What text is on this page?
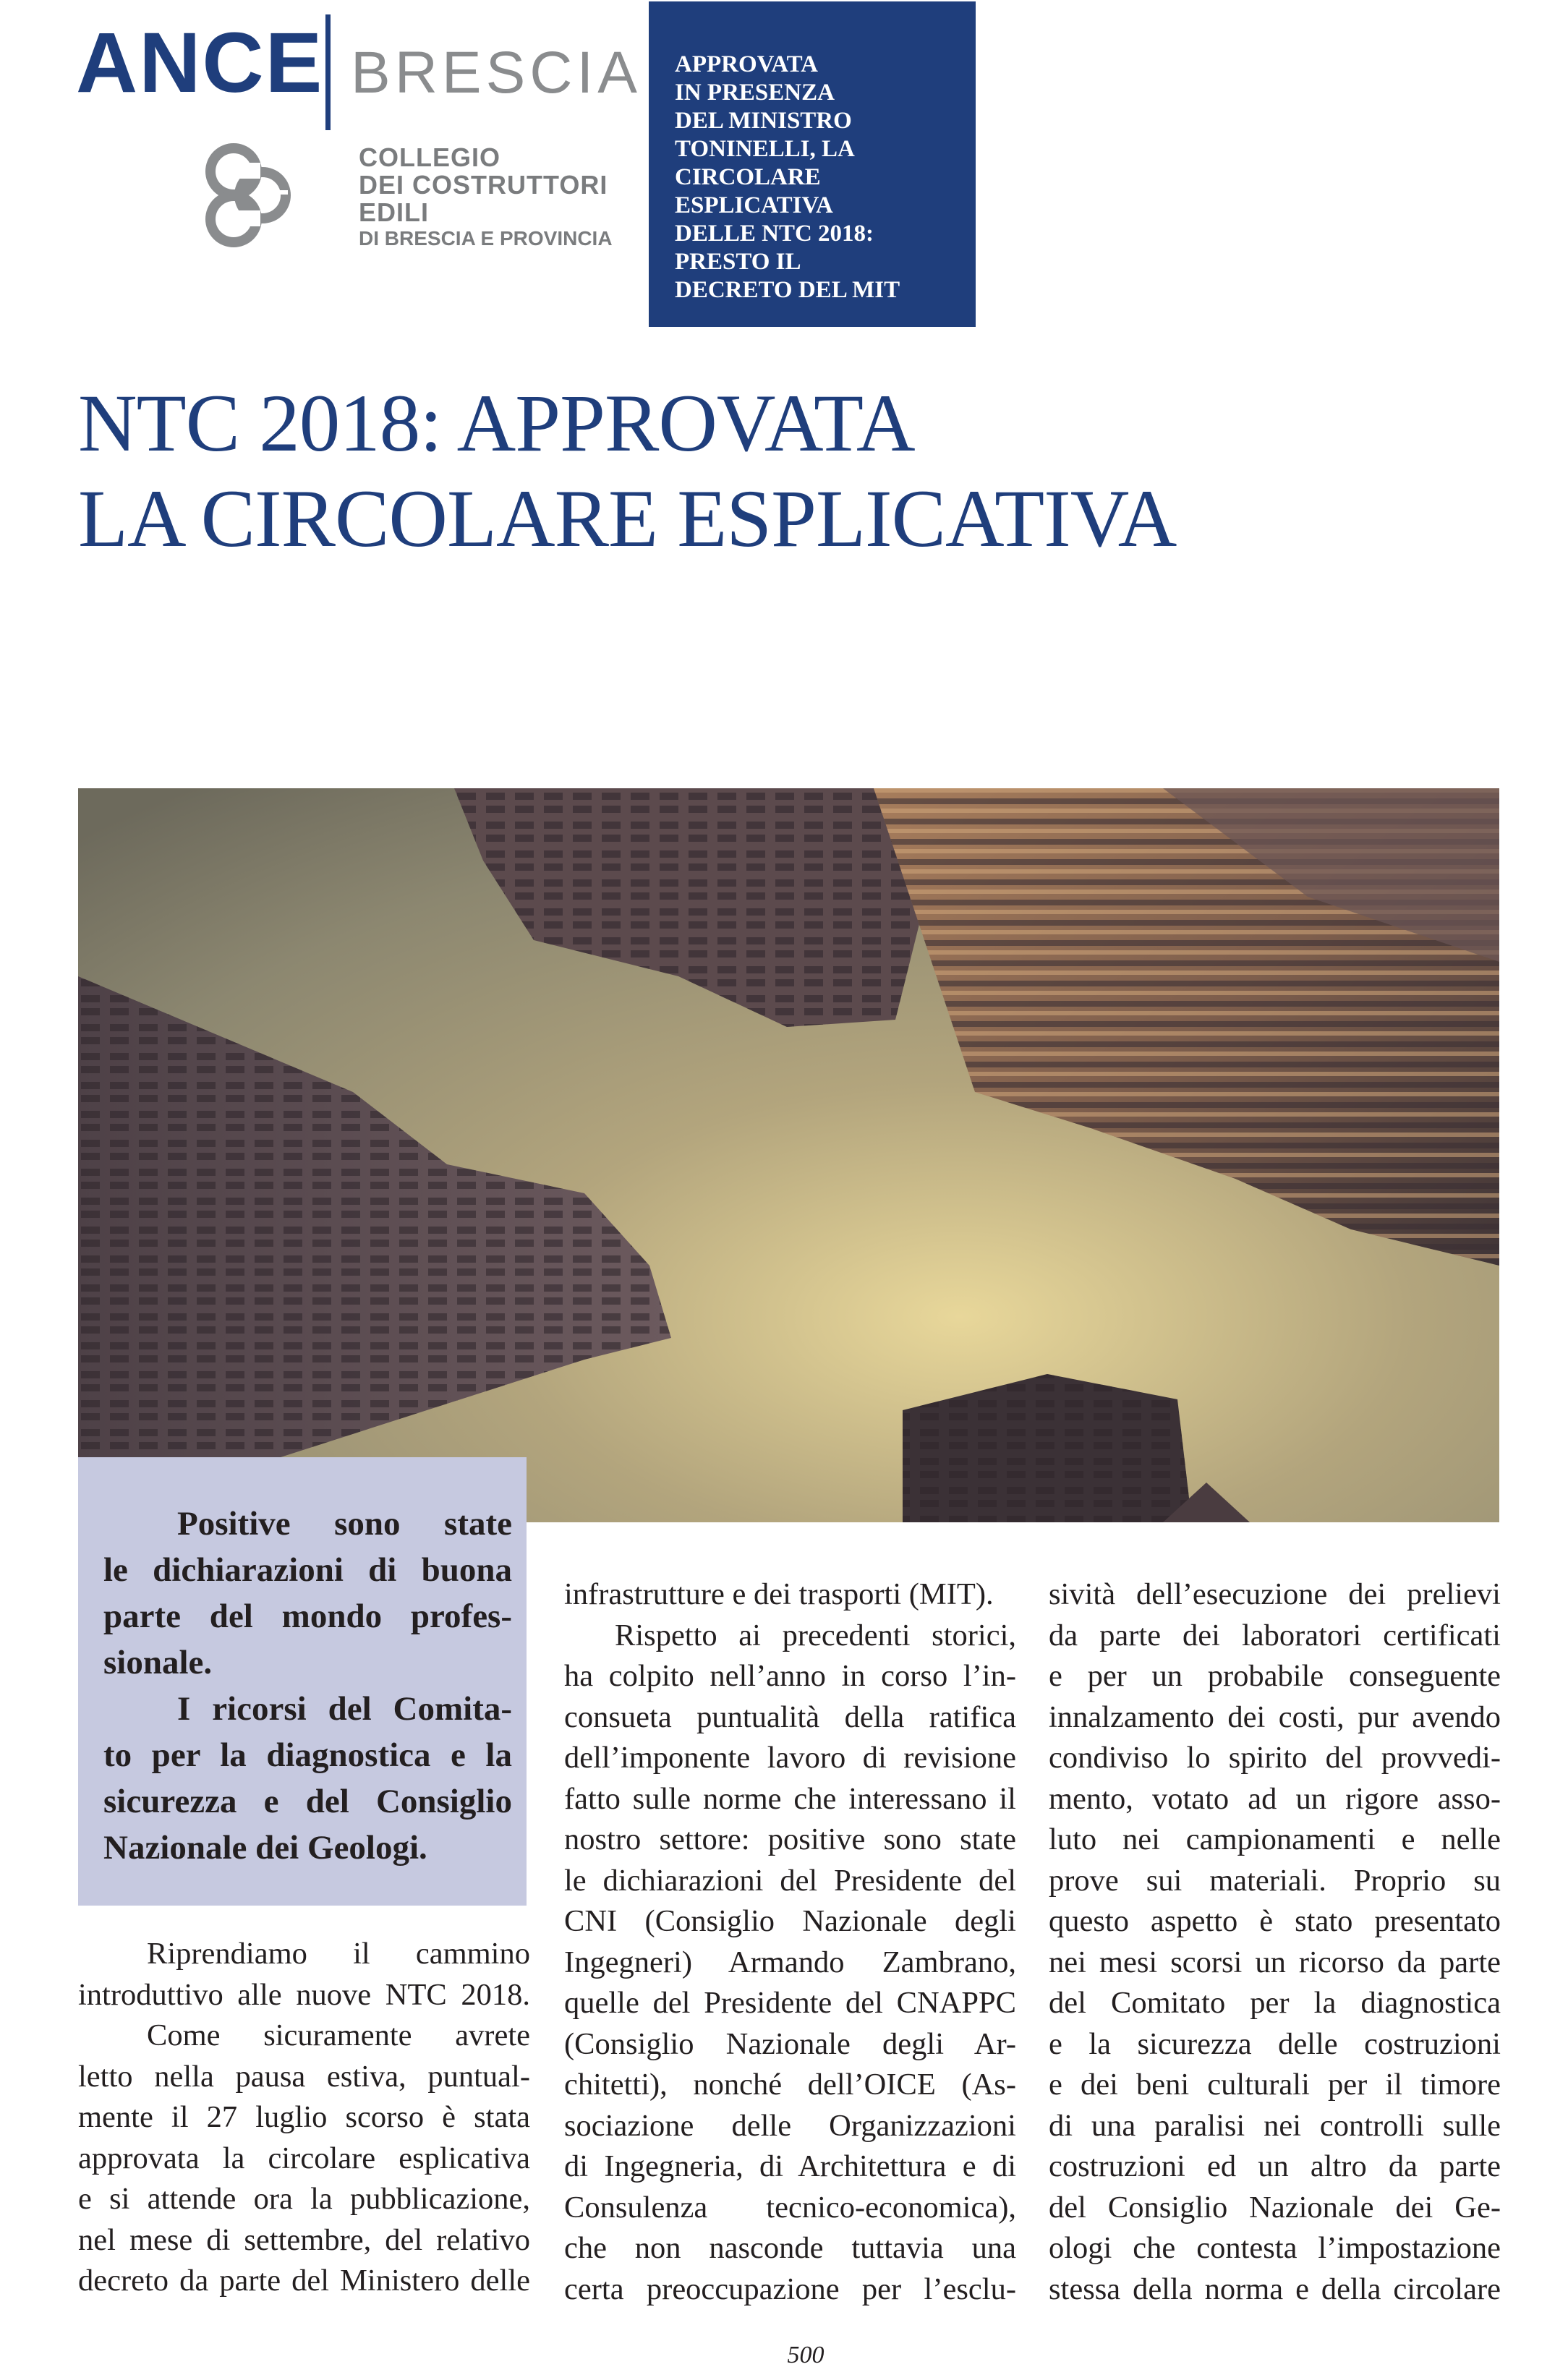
ANCE BRESCIA
COLLEGIO
DEI COSTRUTTORI
EDILI
DI BRESCIA E PROVINCIA

APPROVATA
IN PRESENZA
DEL MINISTRO
TONINELLI, LA
CIRCOLARE
ESPLICATIVA
DELLE NTC 2018:
PRESTO IL
DECRETO DEL MIT

NTC 2018: APPROVATA
LA CIRCOLARE ESPLICATIVA

Positive sono state
le dichiarazioni di buona
parte del mondo profes-
sionale.
I ricorsi del Comita-
to per la diagnostica e la
sicurezza e del Consiglio
Nazionale dei Geologi.

Riprendiamo il cammino
introduttivo alle nuove NTC 2018.
Come sicuramente avrete
letto nella pausa estiva, puntual-
mente il 27 luglio scorso è stata
approvata la circolare esplicativa
e si attende ora la pubblicazione,
nel mese di settembre, del relativo
decreto da parte del Ministero delle
infrastrutture e dei trasporti (MIT).
Rispetto ai precedenti storici,
ha colpito nell’anno in corso l’in-
consueta puntualità della ratifica
dell’imponente lavoro di revisione
fatto sulle norme che interessano il
nostro settore: positive sono state
le dichiarazioni del Presidente del
CNI (Consiglio Nazionale degli
Ingegneri) Armando Zambrano,
quelle del Presidente del CNAPPC
(Consiglio Nazionale degli Ar-
chitetti), nonché dell’OICE (As-
sociazione delle Organizzazioni
di Ingegneria, di Architettura e di
Consulenza tecnico-economica),
che non nasconde tuttavia una
certa preoccupazione per l’esclu-
sività dell’esecuzione dei prelievi
da parte dei laboratori certificati
e per un probabile conseguente
innalzamento dei costi, pur avendo
condiviso lo spirito del provvedi-
mento, votato ad un rigore asso-
luto nei campionamenti e nelle
prove sui materiali. Proprio su
questo aspetto è stato presentato
nei mesi scorsi un ricorso da parte
del Comitato per la diagnostica
e la sicurezza delle costruzioni
e dei beni culturali per il timore
di una paralisi nei controlli sulle
costruzioni ed un altro da parte
del Consiglio Nazionale dei Ge-
ologi che contesta l’impostazione
stessa della norma e della circolare
500
